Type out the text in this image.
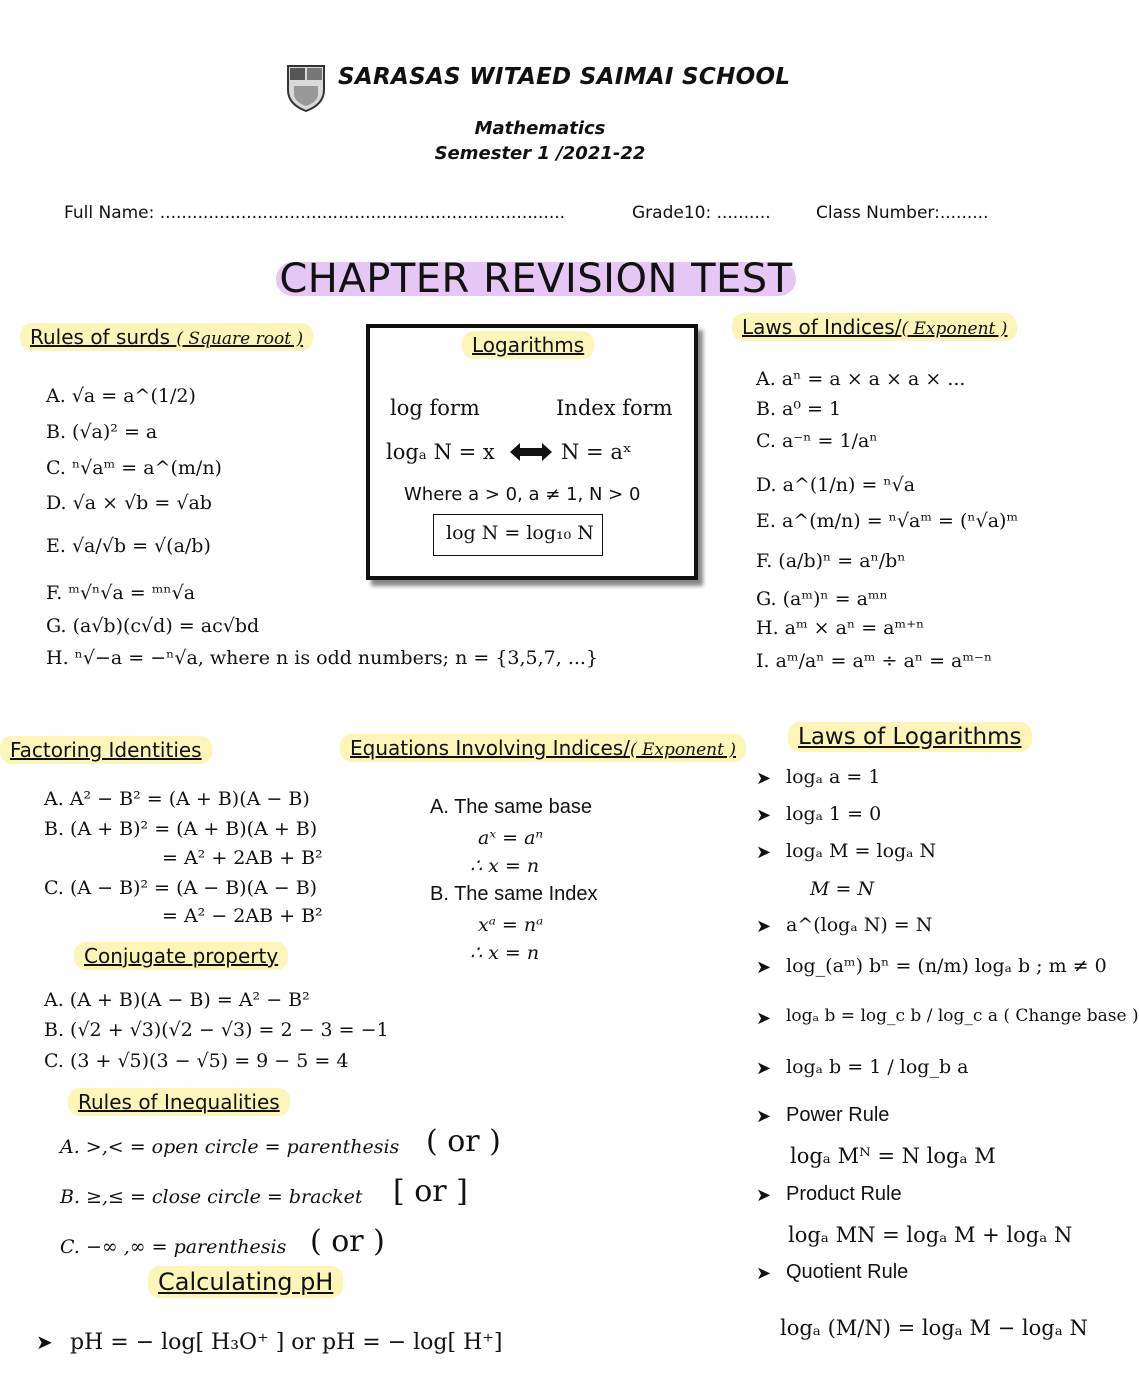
SARASAS WITAED SAIMAI SCHOOL
Mathematics
Semester 1 /2021-22
Full Name: ...........................................................................	Grade10: ..........	Class Number:.........
CHAPTER REVISION TEST
Rules of surds ( Square root )
A. √a = a^(1/2)
B. (√a)² = a
C. ⁿ√aᵐ = a^(m/n)
D. √a × √b = √ab
E. √a/√b = √(a/b)
F. ᵐ√ⁿ√a = ᵐⁿ√a
G. (a√b)(c√d) = ac√bd
H. ⁿ√−a = −ⁿ√a, where n is odd numbers; n = {3,5,7, ...}
Logarithms
log form	Index form
logₐ N = x	N = aˣ
Where a > 0, a ≠ 1, N > 0
log N = log₁₀ N
Laws of Indices/( Exponent )
A. aⁿ = a × a × a × ...
B. a⁰ = 1
C. a⁻ⁿ = 1/aⁿ
D. a^(1/n) = ⁿ√a
E. a^(m/n) = ⁿ√aᵐ = (ⁿ√a)ᵐ
F. (a/b)ⁿ = aⁿ/bⁿ
G. (aᵐ)ⁿ = aᵐⁿ
H. aᵐ × aⁿ = aᵐ⁺ⁿ
I. aᵐ/aⁿ = aᵐ ÷ aⁿ = aᵐ⁻ⁿ
Factoring Identities
A. A² − B² = (A + B)(A − B)
B. (A + B)² = (A + B)(A + B)
= A² + 2AB + B²
C. (A − B)² = (A − B)(A − B)
= A² − 2AB + B²
Conjugate property
A. (A + B)(A − B) = A² − B²
B. (√2 + √3)(√2 − √3) = 2 − 3 = −1
C. (3 + √5)(3 − √5) = 9 − 5 = 4
Equations Involving Indices/( Exponent )
A. The same base
aˣ = aⁿ
∴ x = n
B. The same Index
xᵃ = nᵃ
∴ x = n
Rules of Inequalities
A. >,< = open circle = parenthesis ( or )
B. ≥,≤ = close circle = bracket [ or ]
C. −∞ ,∞ = parenthesis ( or )
Calculating pH
➤ pH = − log[ H₃O⁺ ] or pH = − log[ H⁺]
Laws of Logarithms
➤ logₐ a = 1
➤ logₐ 1 = 0
➤ logₐ M = logₐ N
M = N
➤ a^(logₐ N) = N
➤ log_(aᵐ) bⁿ = (n/m) logₐ b ; m ≠ 0
➤ logₐ b = log_c b / log_c a ( Change base )
➤ logₐ b = 1 / log_b a
➤ Power Rule
logₐ Mᴺ = N logₐ M
➤ Product Rule
logₐ MN = logₐ M + logₐ N
➤ Quotient Rule
logₐ (M/N) = logₐ M − logₐ N
